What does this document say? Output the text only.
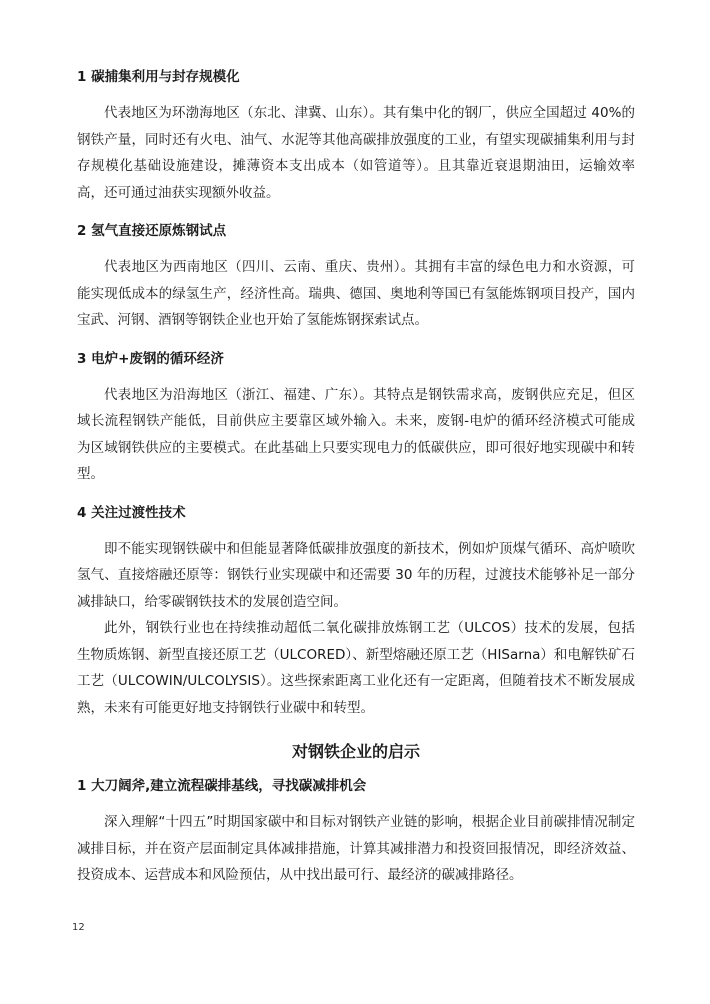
1 碳捕集利用与封存规模化

代表地区为环渤海地区（东北、津冀、山东）。其有集中化的钢厂，供应全国超过 40%的钢铁产量，同时还有火电、油气、水泥等其他高碳排放强度的工业，有望实现碳捕集利用与封存规模化基础设施建设，摊薄资本支出成本（如管道等）。且其靠近衰退期油田，运输效率高，还可通过油获实现额外收益。

2 氢气直接还原炼钢试点

代表地区为西南地区（四川、云南、重庆、贵州）。其拥有丰富的绿色电力和水资源，可能实现低成本的绿氢生产，经济性高。瑞典、德国、奥地利等国已有氢能炼钢项目投产，国内宝武、河钢、酒钢等钢铁企业也开始了氢能炼钢探索试点。

3 电炉+废钢的循环经济

代表地区为沿海地区（浙江、福建、广东）。其特点是钢铁需求高，废钢供应充足，但区域长流程钢铁产能低，目前供应主要靠区域外输入。未来，废钢-电炉的循环经济模式可能成为区域钢铁供应的主要模式。在此基础上只要实现电力的低碳供应，即可很好地实现碳中和转型。

4 关注过渡性技术

即不能实现钢铁碳中和但能显著降低碳排放强度的新技术，例如炉顶煤气循环、高炉喷吹氢气、直接熔融还原等：钢铁行业实现碳中和还需要 30 年的历程，过渡技术能够补足一部分减排缺口，给零碳钢铁技术的发展创造空间。

此外，钢铁行业也在持续推动超低二氧化碳排放炼钢工艺（ULCOS）技术的发展，包括生物质炼钢、新型直接还原工艺（ULCORED）、新型熔融还原工艺（HISarna）和电解铁矿石工艺（ULCOWIN/ULCOLYSIS）。这些探索距离工业化还有一定距离，但随着技术不断发展成熟，未来有可能更好地支持钢铁行业碳中和转型。

对钢铁企业的启示
1 大刀阔斧,建立流程碳排基线，寻找碳减排机会

深入理解“十四五”时期国家碳中和目标对钢铁产业链的影响，根据企业目前碳排情况制定减排目标，并在资产层面制定具体减排措施，计算其减排潜力和投资回报情况，即经济效益、投资成本、运营成本和风险预估，从中找出最可行、最经济的碳减排路径。

12
